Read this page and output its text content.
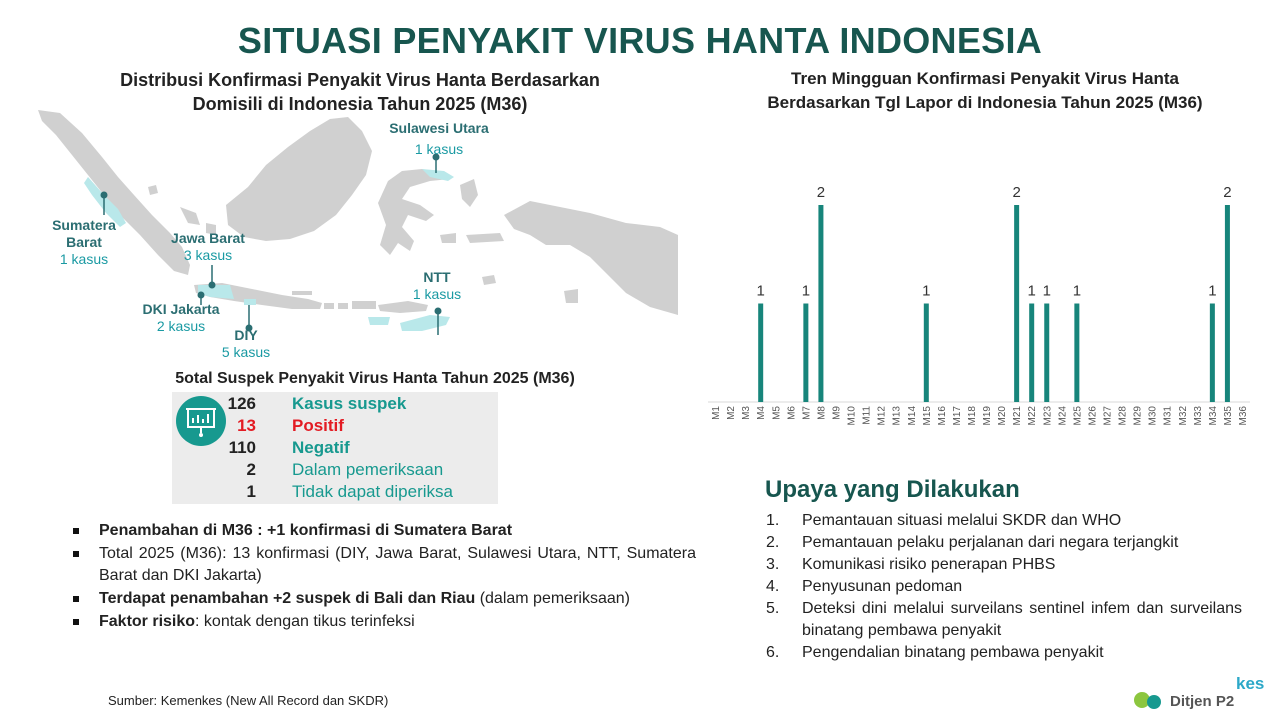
SITUASI PENYAKIT VIRUS HANTA INDONESIA
Distribusi Konfirmasi Penyakit Virus Hanta Berdasarkan
Domisili di Indonesia Tahun 2025 (M36)
Sulawesi Utara
1 kasus
Sumatera
Barat
1 kasus
Jawa Barat
3 kasus
NTT
1 kasus
DKI Jakarta
2 kasus
DIY
5 kasus
5otal Suspek Penyakit Virus Hanta Tahun 2025 (M36)
126 Kasus suspek
13 Positif
110 Negatif
2 Dalam pemeriksaan
1 Tidak dapat diperiksa
Penambahan di M36 : +1 konfirmasi di Sumatera Barat
Total 2025 (M36): 13 konfirmasi (DIY, Jawa Barat, Sulawesi Utara, NTT, Sumatera Barat dan DKI Jakarta)
Terdapat penambahan +2 suspek di Bali dan Riau (dalam pemeriksaan)
Faktor risiko: kontak dengan tikus terinfeksi
Sumber: Kemenkes (New All Record dan SKDR)
Tren Mingguan Konfirmasi Penyakit Virus Hanta
Berdasarkan Tgl Lapor di Indonesia Tahun 2025 (M36)
M1 M2 M3
1
M4 M5 M6
1
M7
2
M8 M9 M10 M11 M12 M13 M14
1
M15 M16 M17 M18 M19 M20
2
M21
1
M22
1
M23 M24
1
M25 M26 M27 M28 M29 M30 M31 M32 M33
1
M34
2
M35 M36
Upaya yang Dilakukan
1. Pemantauan situasi melalui SKDR dan WHO
2. Pemantauan pelaku perjalanan dari negara terjangkit
3. Komunikasi risiko penerapan PHBS
4. Penyusunan pedoman
5. Deteksi dini melalui surveilans sentinel infem dan surveilans binatang pembawa penyakit
6. Pengendalian binatang pembawa penyakit
kes
Ditjen P2
